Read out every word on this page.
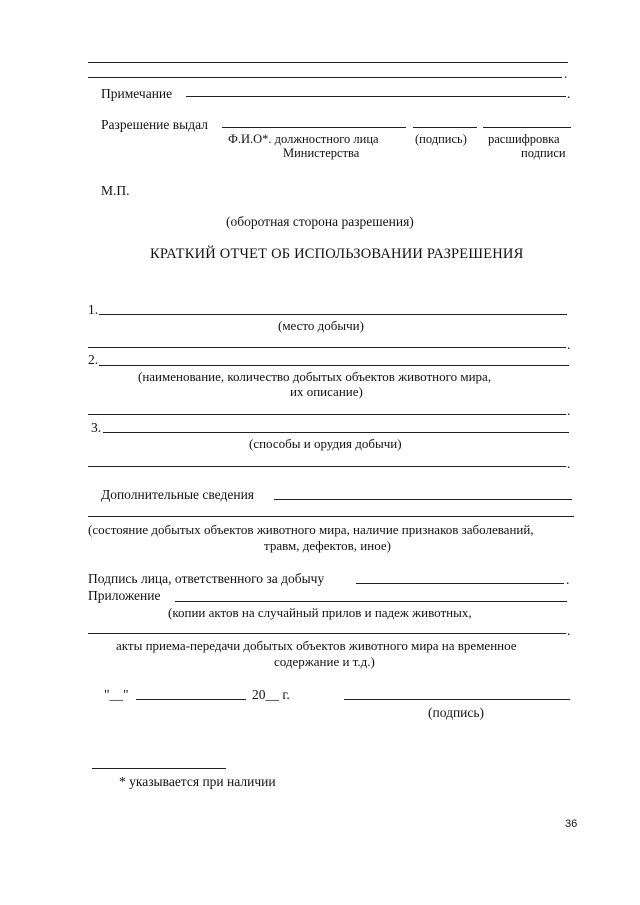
.
Примечание	.
Разрешение выдал
Ф.И.О*. должностного лица
Министерства
(подпись) расшифровка
подписи
М.П.
(оборотная сторона разрешения)
КРАТКИЙ ОТЧЕТ ОБ ИСПОЛЬЗОВАНИИ РАЗРЕШЕНИЯ
1.
(место добычи)
.
2.
(наименование, количество добытых объектов животного мира,
их описание)
.
3.
(способы и орудия добычи)
.
Дополнительные сведения
(состояние добытых объектов животного мира, наличие признаков заболеваний,
травм, дефектов, иное)
Подпись лица, ответственного за добычу	.
Приложение
(копии актов на случайный прилов и падеж животных,
.
акты приема-передачи добытых объектов животного мира на временное
содержание и т.д.)
"__"	20__ г.
(подпись)
* указывается при наличии
36
